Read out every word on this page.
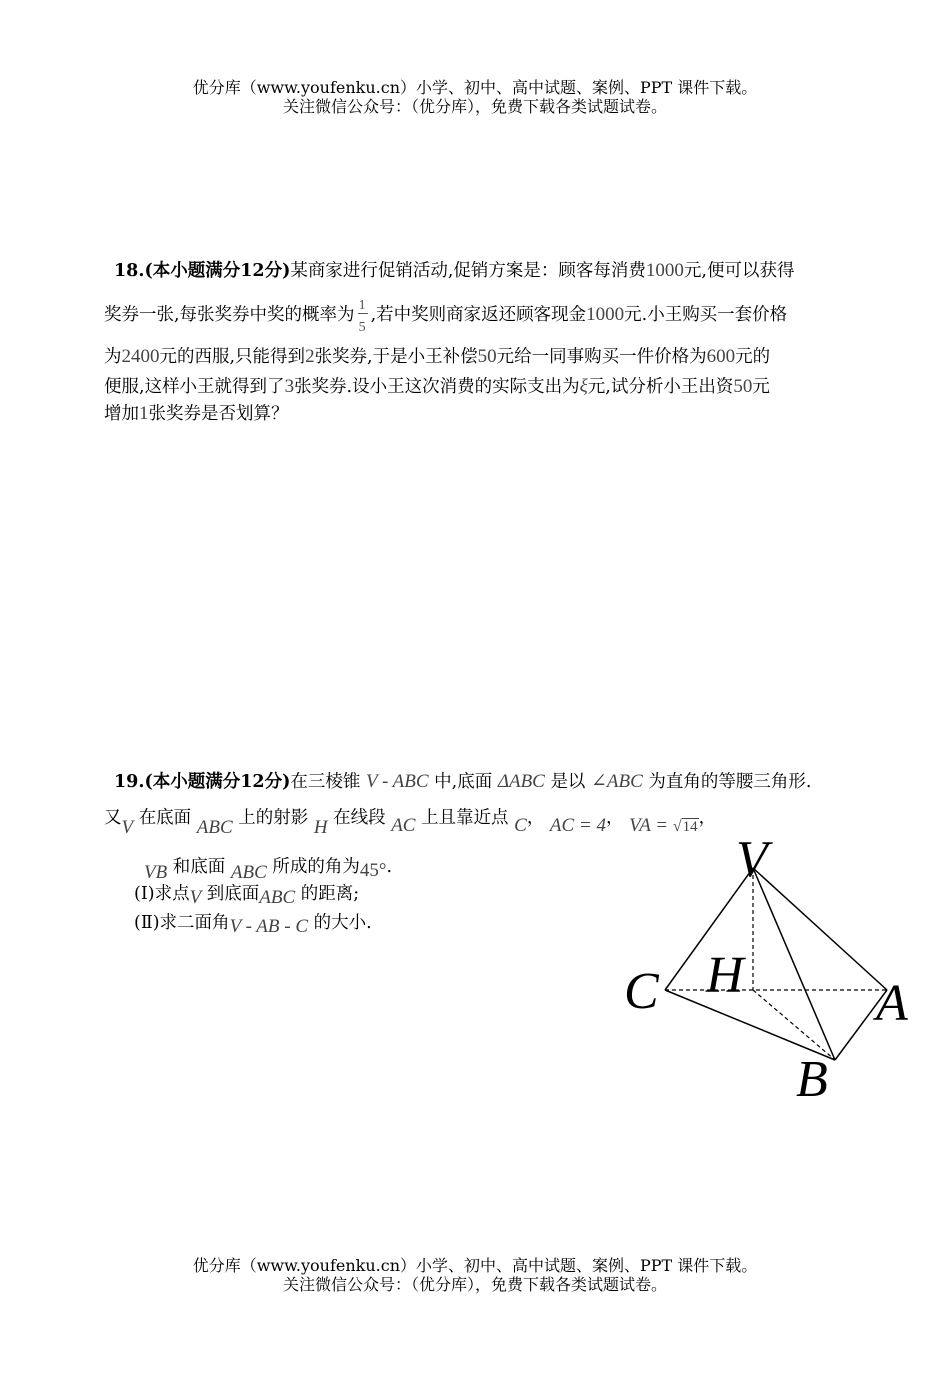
优分库（www.youfenku.cn）小学、初中、高中试题、案例、PPT 课件下载。
关注微信公众号：（优分库），免费下载各类试题试卷。
18.(本小题满分12分)某商家进行促销活动,促销方案是：顾客每消费1000元,便可以获得
奖券一张,每张奖券中奖的概率为 $\frac{1}{5}$ ,若中奖则商家返还顾客现金1000元.小王购买一套价格
为2400元的西服,只能得到2张奖券,于是小王补偿50元给一同事购买一件价格为600元的
便服,这样小王就得到了3张奖券.设小王这次消费的实际支出为ξ元,试分析小王出资50元
增加1张奖券是否划算？
19.(本小题满分12分)在三棱锥 V - ABC 中,底面 ΔABC 是以 ∠ABC 为直角的等腰三角形.
又V 在底面 ABC 上的射影 H 在线段 AC 上且靠近点 C， AC = 4， VA = √14，
VB 和底面 ABC 所成的角为45°.
(Ⅰ)求点V 到底面ABC 的距离;
(Ⅱ)求二面角V - AB - C 的大小.
V
H
C	A
B
优分库（www.youfenku.cn）小学、初中、高中试题、案例、PPT 课件下载。
关注微信公众号：（优分库），免费下载各类试题试卷。
